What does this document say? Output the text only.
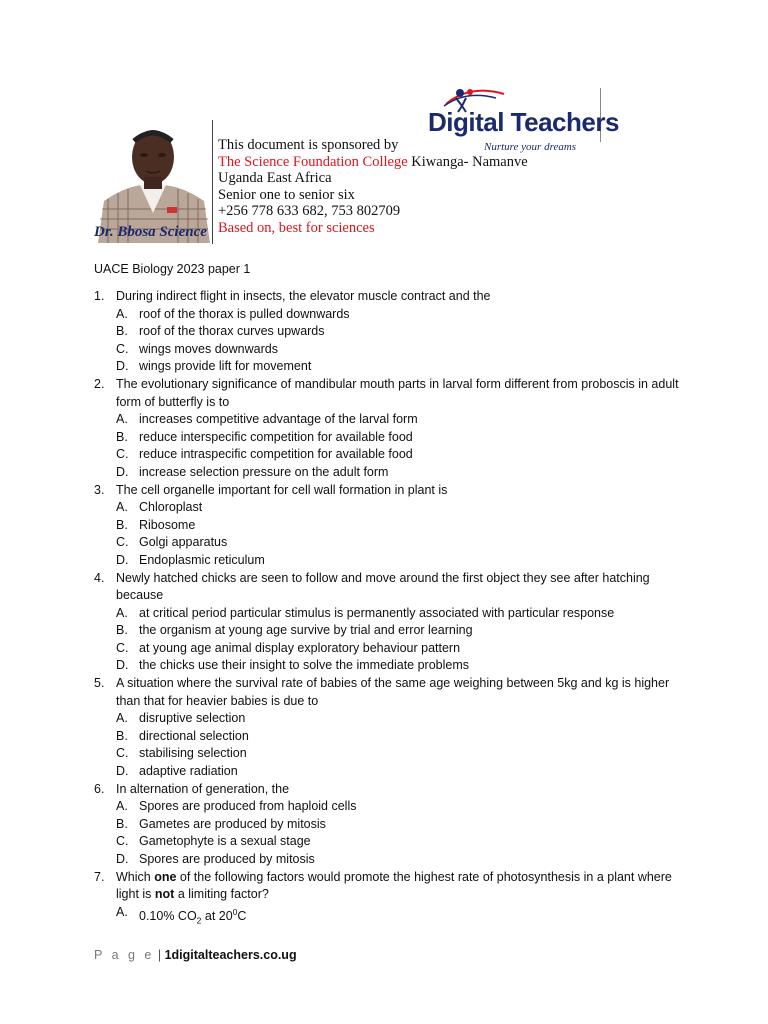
Dr. Bbosa Science
This document is sponsored by
The Science Foundation College Kiwanga- Namanve
Uganda East Africa
Senior one to senior six
+256 778 633 682, 753 802709
Based on, best for sciences
Digital Teachers
Nurture your dreams
UACE Biology 2023 paper 1
1. During indirect flight in insects, the elevator muscle contract and the
A. roof of the thorax is pulled downwards
B. roof of the thorax curves upwards
C. wings moves downwards
D. wings provide lift for movement
2. The evolutionary significance of mandibular mouth parts in larval form different from proboscis in adult form of butterfly is to
A. increases competitive advantage of the larval form
B. reduce interspecific competition for available food
C. reduce intraspecific competition for available food
D. increase selection pressure on the adult form
3. The cell organelle important for cell wall formation in plant is
A. Chloroplast
B. Ribosome
C. Golgi apparatus
D. Endoplasmic reticulum
4. Newly hatched chicks are seen to follow and move around the first object they see after hatching because
A. at critical period particular stimulus is permanently associated with particular response
B. the organism at young age survive by trial and error learning
C. at young age animal display exploratory behaviour pattern
D. the chicks use their insight to solve the immediate problems
5. A situation where the survival rate of babies of the same age weighing between 5kg and kg is higher than that for heavier babies is due to
A. disruptive selection
B. directional selection
C. stabilising selection
D. adaptive radiation
6. In alternation of generation, the
A. Spores are produced from haploid cells
B. Gametes are produced by mitosis
C. Gametophyte is a sexual stage
D. Spores are produced by mitosis
7. Which one of the following factors would promote the highest rate of photosynthesis in a plant where light is not a limiting factor?
A. 0.10% $CO_2$ at $20^0C$
P a g e | 1digitalteachers.co.ug
